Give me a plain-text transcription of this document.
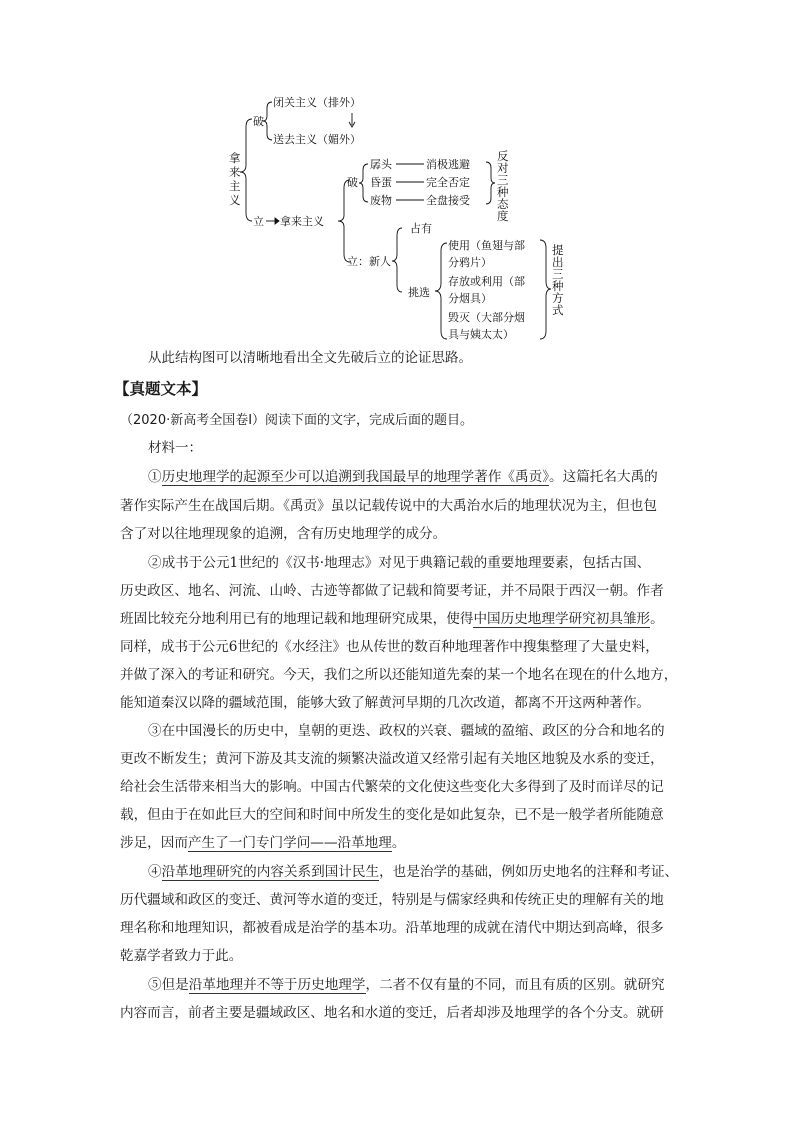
拿
来
主
义
破
闭关主义（排外）
送去主义（媚外）
立 拿来主义
破
孱头	消极逃避
昏蛋	完全否定
废物	全盘接受
反
对
三
种
态
度
立：新人
占有
挑选
使用（鱼翅与部
分鸦片）
存放或利用（部
分烟具）
毁灭（大部分烟
具与姨太太）
提
出
三
种
方
式
从此结构图可以清晰地看出全文先破后立的论证思路。
【真题文本】
（2020·新高考全国卷Ⅰ）阅读下面的文字，完成后面的题目。
材料一：
①历史地理学的起源至少可以追溯到我国最早的地理学著作《禹贡》。这篇托名大禹的
著作实际产生在战国后期。《禹贡》虽以记载传说中的大禹治水后的地理状况为主，但也包
含了对以往地理现象的追溯，含有历史地理学的成分。
②成书于公元1世纪的《汉书·地理志》对见于典籍记载的重要地理要素，包括古国、
历史政区、地名、河流、山岭、古迹等都做了记载和简要考证，并不局限于西汉一朝。作者
班固比较充分地利用已有的地理记载和地理研究成果，使得中国历史地理学研究初具雏形。
同样，成书于公元6世纪的《水经注》也从传世的数百种地理著作中搜集整理了大量史料，
并做了深入的考证和研究。今天，我们之所以还能知道先秦的某一个地名在现在的什么地方，
能知道秦汉以降的疆域范围，能够大致了解黄河早期的几次改道，都离不开这两种著作。
③在中国漫长的历史中，皇朝的更迭、政权的兴衰、疆域的盈缩、政区的分合和地名的
更改不断发生；黄河下游及其支流的频繁决溢改道又经常引起有关地区地貌及水系的变迁，
给社会生活带来相当大的影响。中国古代繁荣的文化使这些变化大多得到了及时而详尽的记
载，但由于在如此巨大的空间和时间中所发生的变化是如此复杂，已不是一般学者所能随意
涉足，因而产生了一门专门学问——沿革地理。
④沿革地理研究的内容关系到国计民生，也是治学的基础，例如历史地名的注释和考证、
历代疆域和政区的变迁、黄河等水道的变迁，特别是与儒家经典和传统正史的理解有关的地
理名称和地理知识，都被看成是治学的基本功。沿革地理的成就在清代中期达到高峰，很多
乾嘉学者致力于此。
⑤但是沿革地理并不等于历史地理学，二者不仅有量的不同，而且有质的区别。就研究
内容而言，前者主要是疆域政区、地名和水道的变迁，后者却涉及地理学的各个分支。就研
